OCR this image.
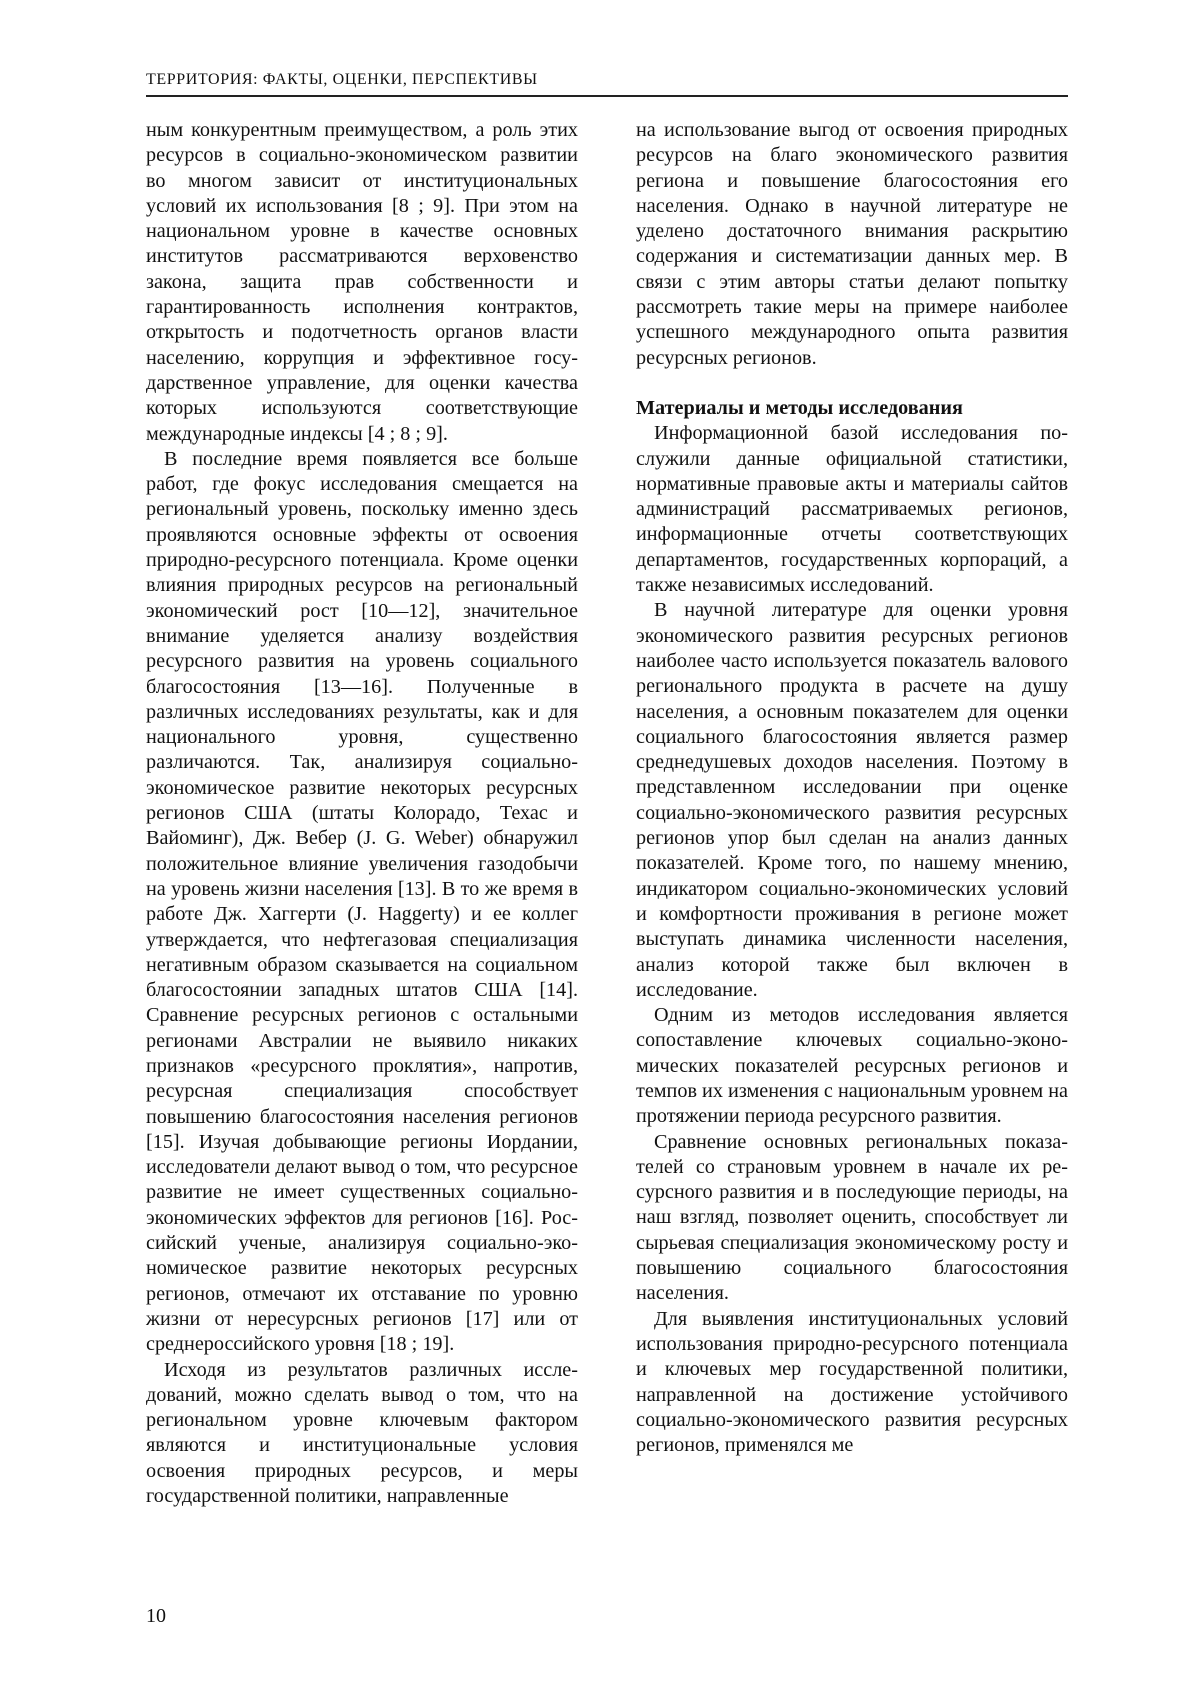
ТЕРРИТОРИЯ: ФАКТЫ, ОЦЕНКИ, ПЕРСПЕКТИВЫ

ным конкурентным преимуществом, а роль этих ресурсов в социально-экономическом развитии во многом зависит от институциональных условий их использования [8 ; 9]. При этом на национальном уровне в качестве основных институтов рассматриваются верховенство закона, защита прав собственности и гарантированность исполнения контрактов, открытость и подотчетность органов власти населению, коррупция и эффективное государственное управление, для оценки качества которых используются соответствующие международные индексы [4 ; 8 ; 9].

В последние время появляется все больше работ, где фокус исследования смещается на региональный уровень, поскольку именно здесь проявляются основные эффекты от освоения природно-ресурсного потенциала. Кроме оценки влияния природных ресурсов на региональный экономический рост [10—12], значительное внимание уделяется анализу воздействия ресурсного развития на уровень социального благосостояния [13—16]. Полученные в различных исследованиях результаты, как и для национального уровня, существенно различаются. Так, анализируя социально-экономическое развитие некоторых ресурсных регионов США (штаты Колорадо, Техас и Вайоминг), Дж. Вебер (J. G. Weber) обнаружил положительное влияние увеличения газодобычи на уровень жизни населения [13]. В то же время в работе Дж. Хаггерти (J. Haggerty) и ее коллег утверждается, что нефтегазовая специализация негативным образом сказывается на социальном благосостоянии западных штатов США [14]. Сравнение ресурсных регионов с остальными регионами Австралии не выявило никаких признаков «ресурсного проклятия», напротив, ресурсная специализация способствует повышению благосостояния населения регионов [15]. Изучая добывающие регионы Иордании, исследователи делают вывод о том, что ресурсное развитие не имеет существенных социально-экономических эффектов для регионов [16]. Российский ученые, анализируя социально-экономическое развитие некоторых ресурсных регионов, отмечают их отставание по уровню жизни от нересурсных регионов [17] или от среднероссийского уровня [18 ; 19].

Исходя из результатов различных исследований, можно сделать вывод о том, что на региональном уровне ключевым фактором являются и институциональные условия освоения природных ресурсов, и меры государственной политики, направленные

на использование выгод от освоения природных ресурсов на благо экономического развития региона и повышение благосостояния его населения. Однако в научной литературе не уделено достаточного внимания раскрытию содержания и систематизации данных мер. В связи с этим авторы статьи делают попытку рассмотреть такие меры на примере наиболее успешного международного опыта развития ресурсных регионов.

Материалы и методы исследования

Информационной базой исследования послужили данные официальной статистики, нормативные правовые акты и материалы сайтов администраций рассматриваемых регионов, информационные отчеты соответствующих департаментов, государственных корпораций, а также независимых исследований.

В научной литературе для оценки уровня экономического развития ресурсных регионов наиболее часто используется показатель валового регионального продукта в расчете на душу населения, а основным показателем для оценки социального благосостояния является размер среднедушевых доходов населения. Поэтому в представленном исследовании при оценке социально-экономического развития ресурсных регионов упор был сделан на анализ данных показателей. Кроме того, по нашему мнению, индикатором социально-экономических условий и комфортности проживания в регионе может выступать динамика численности населения, анализ которой также был включен в исследование.

Одним из методов исследования является сопоставление ключевых социально-экономических показателей ресурсных регионов и темпов их изменения с национальным уровнем на протяжении периода ресурсного развития.

Сравнение основных региональных показателей со страновым уровнем в начале их ресурсного развития и в последующие периоды, на наш взгляд, позволяет оценить, способствует ли сырьевая специализация экономическому росту и повышению социального благосостояния населения.

Для выявления институциональных условий использования природно-ресурсного потенциала и ключевых мер государственной политики, направленной на достижение устойчивого социально-экономического развития ресурсных регионов, применялся ме

10
